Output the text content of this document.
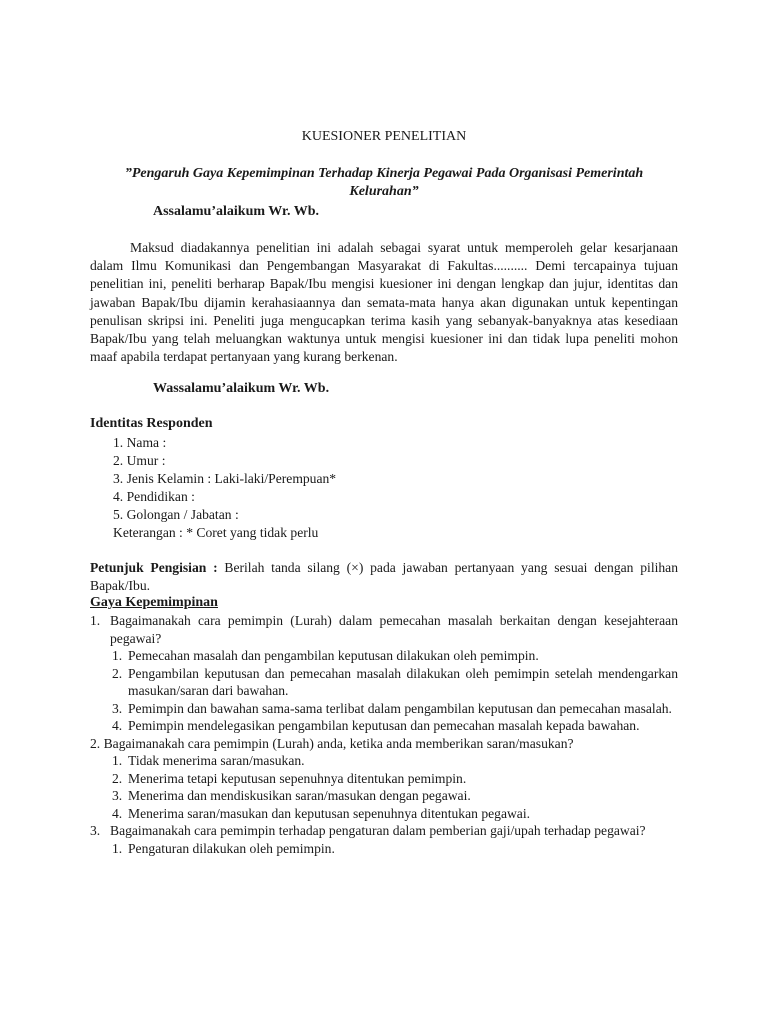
KUESIONER PENELITIAN
”Pengaruh Gaya Kepemimpinan Terhadap Kinerja Pegawai Pada Organisasi Pemerintah Kelurahan”
Assalamu’alaikum Wr. Wb.

Maksud diadakannya penelitian ini adalah sebagai syarat untuk memperoleh gelar kesarjanaan dalam Ilmu Komunikasi dan Pengembangan Masyarakat di Fakultas.......... Demi tercapainya tujuan penelitian ini, peneliti berharap Bapak/Ibu mengisi kuesioner ini dengan lengkap dan jujur, identitas dan jawaban Bapak/Ibu dijamin kerahasiaannya dan semata-mata hanya akan digunakan untuk kepentingan penulisan skripsi ini. Peneliti juga mengucapkan terima kasih yang sebanyak-banyaknya atas kesediaan Bapak/Ibu yang telah meluangkan waktunya untuk mengisi kuesioner ini dan tidak lupa peneliti mohon maaf apabila terdapat pertanyaan yang kurang berkenan.

Wassalamu’alaikum Wr. Wb.
Identitas Responden
1. Nama :
2. Umur :
3. Jenis Kelamin : Laki-laki/Perempuan*
4. Pendidikan :
5. Golongan / Jabatan :
Keterangan : * Coret yang tidak perlu

Petunjuk Pengisian : Berilah tanda silang (×) pada jawaban pertanyaan yang sesuai dengan pilihan Bapak/Ibu.

Gaya Kepemimpinan
1. Bagaimanakah cara pemimpin (Lurah) dalam pemecahan masalah berkaitan dengan kesejahteraan pegawai?
1. Pemecahan masalah dan pengambilan keputusan dilakukan oleh pemimpin.
2. Pengambilan keputusan dan pemecahan masalah dilakukan oleh pemimpin setelah mendengarkan masukan/saran dari bawahan.
3. Pemimpin dan bawahan sama-sama terlibat dalam pengambilan keputusan dan pemecahan masalah.
4. Pemimpin mendelegasikan pengambilan keputusan dan pemecahan masalah kepada bawahan.
2. Bagaimanakah cara pemimpin (Lurah) anda, ketika anda memberikan saran/masukan?
1. Tidak menerima saran/masukan.
2. Menerima tetapi keputusan sepenuhnya ditentukan pemimpin.
3. Menerima dan mendiskusikan saran/masukan dengan pegawai.
4. Menerima saran/masukan dan keputusan sepenuhnya ditentukan pegawai.
3. Bagaimanakah cara pemimpin terhadap pengaturan dalam pemberian gaji/upah terhadap pegawai?
1. Pengaturan dilakukan oleh pemimpin.
